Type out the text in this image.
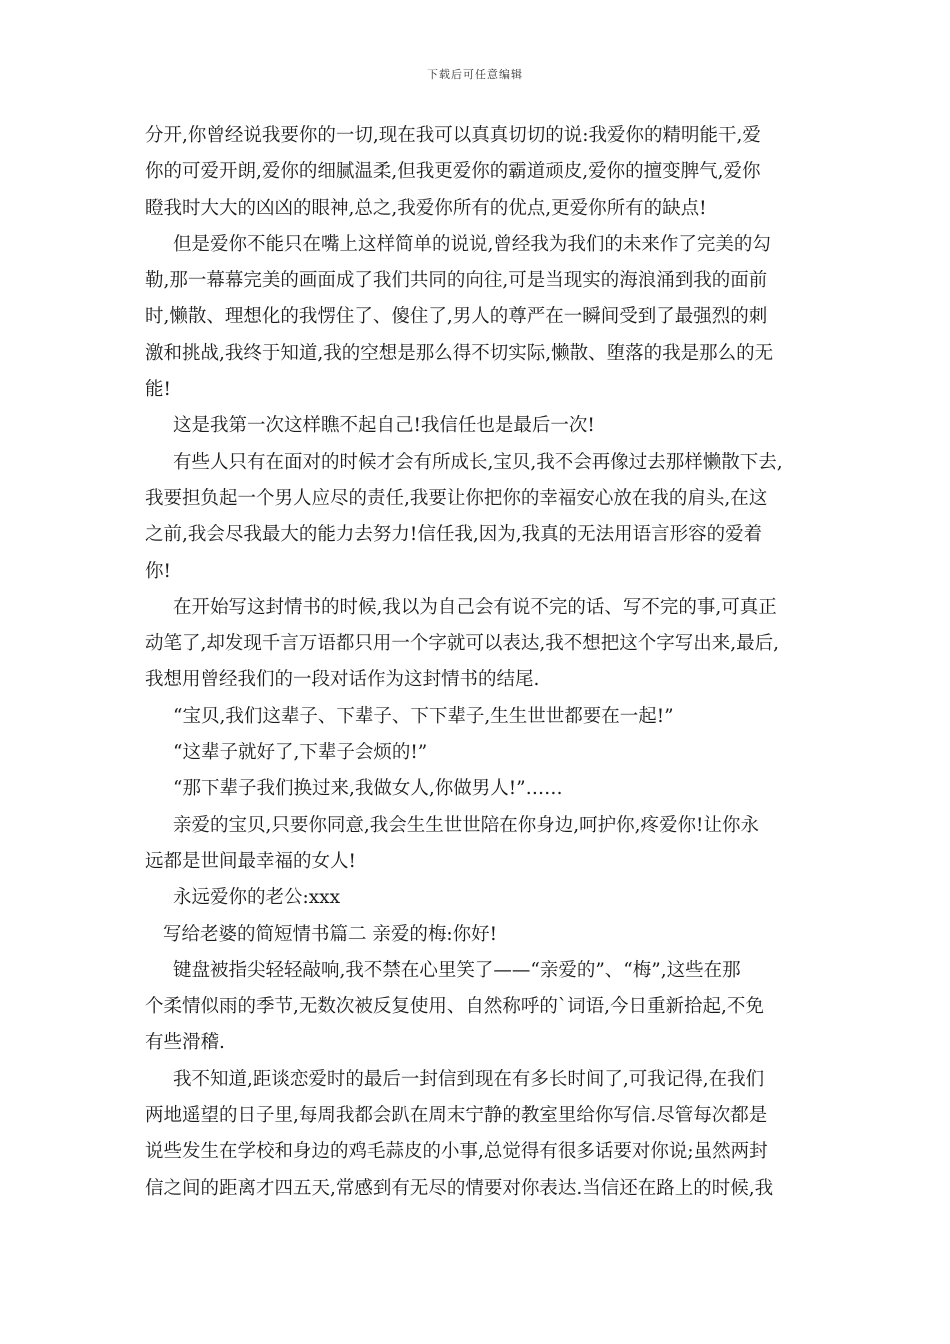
下载后可任意编辑
分开,你曾经说我要你的一切,现在我可以真真切切的说:我爱你的精明能干,爱
你的可爱开朗,爱你的细腻温柔,但我更爱你的霸道顽皮,爱你的擅变脾气,爱你
瞪我时大大的凶凶的眼神,总之,我爱你所有的优点,更爱你所有的缺点!
但是爱你不能只在嘴上这样简单的说说,曾经我为我们的未来作了完美的勾
勒,那一幕幕完美的画面成了我们共同的向往,可是当现实的海浪涌到我的面前
时,懒散、理想化的我愣住了、傻住了,男人的尊严在一瞬间受到了最强烈的刺
激和挑战,我终于知道,我的空想是那么得不切实际,懒散、堕落的我是那么的无
能!
这是我第一次这样瞧不起自己!我信任也是最后一次!
有些人只有在面对的时候才会有所成长,宝贝,我不会再像过去那样懒散下去,
我要担负起一个男人应尽的责任,我要让你把你的幸福安心放在我的肩头,在这
之前,我会尽我最大的能力去努力!信任我,因为,我真的无法用语言形容的爱着
你!
在开始写这封情书的时候,我以为自己会有说不完的话、写不完的事,可真正
动笔了,却发现千言万语都只用一个字就可以表达,我不想把这个字写出来,最后,
我想用曾经我们的一段对话作为这封情书的结尾.
“宝贝,我们这辈子、下辈子、下下辈子,生生世世都要在一起!”
“这辈子就好了,下辈子会烦的!”
“那下辈子我们换过来,我做女人,你做男人!”……
亲爱的宝贝,只要你同意,我会生生世世陪在你身边,呵护你,疼爱你!让你永
远都是世间最幸福的女人!
永远爱你的老公:xxx
写给老婆的简短情书篇二 亲爱的梅:你好!
键盘被指尖轻轻敲响,我不禁在心里笑了——“亲爱的”、“梅”,这些在那
个柔情似雨的季节,无数次被反复使用、自然称呼的`词语,今日重新拾起,不免
有些滑稽.
我不知道,距谈恋爱时的最后一封信到现在有多长时间了,可我记得,在我们
两地遥望的日子里,每周我都会趴在周末宁静的教室里给你写信.尽管每次都是
说些发生在学校和身边的鸡毛蒜皮的小事,总觉得有很多话要对你说;虽然两封
信之间的距离才四五天,常感到有无尽的情要对你表达.当信还在路上的时候,我
